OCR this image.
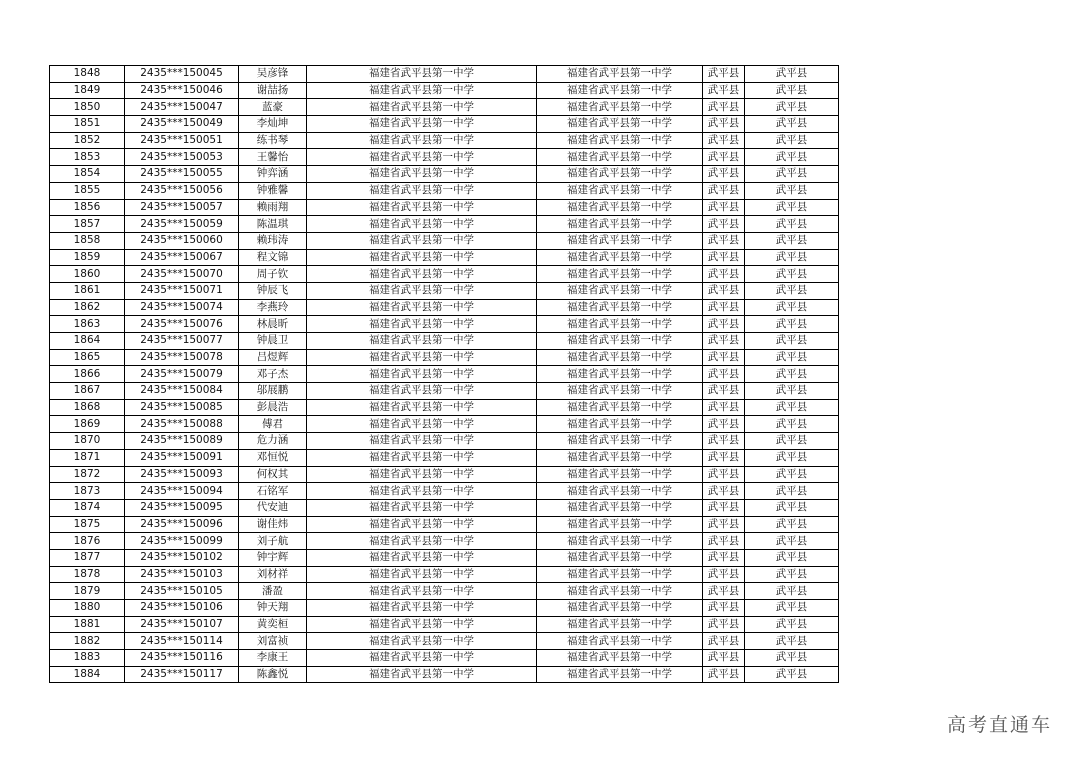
1848	2435***150045	吴彦锋	福建省武平县第一中学	福建省武平县第一中学	武平县	武平县
1849	2435***150046	谢喆扬	福建省武平县第一中学	福建省武平县第一中学	武平县	武平县
1850	2435***150047	蓝豪	福建省武平县第一中学	福建省武平县第一中学	武平县	武平县
1851	2435***150049	李灿坤	福建省武平县第一中学	福建省武平县第一中学	武平县	武平县
1852	2435***150051	练书琴	福建省武平县第一中学	福建省武平县第一中学	武平县	武平县
1853	2435***150053	王馨怡	福建省武平县第一中学	福建省武平县第一中学	武平县	武平县
1854	2435***150055	钟弈涵	福建省武平县第一中学	福建省武平县第一中学	武平县	武平县
1855	2435***150056	钟雅馨	福建省武平县第一中学	福建省武平县第一中学	武平县	武平县
1856	2435***150057	赖雨翔	福建省武平县第一中学	福建省武平县第一中学	武平县	武平县
1857	2435***150059	陈温琪	福建省武平县第一中学	福建省武平县第一中学	武平县	武平县
1858	2435***150060	赖玮涛	福建省武平县第一中学	福建省武平县第一中学	武平县	武平县
1859	2435***150067	程文锦	福建省武平县第一中学	福建省武平县第一中学	武平县	武平县
1860	2435***150070	周子钦	福建省武平县第一中学	福建省武平县第一中学	武平县	武平县
1861	2435***150071	钟辰飞	福建省武平县第一中学	福建省武平县第一中学	武平县	武平县
1862	2435***150074	李燕玲	福建省武平县第一中学	福建省武平县第一中学	武平县	武平县
1863	2435***150076	林晨昕	福建省武平县第一中学	福建省武平县第一中学	武平县	武平县
1864	2435***150077	钟晨卫	福建省武平县第一中学	福建省武平县第一中学	武平县	武平县
1865	2435***150078	吕煜辉	福建省武平县第一中学	福建省武平县第一中学	武平县	武平县
1866	2435***150079	邓子杰	福建省武平县第一中学	福建省武平县第一中学	武平县	武平县
1867	2435***150084	邬展鹏	福建省武平县第一中学	福建省武平县第一中学	武平县	武平县
1868	2435***150085	彭晨浩	福建省武平县第一中学	福建省武平县第一中学	武平县	武平县
1869	2435***150088	傅君	福建省武平县第一中学	福建省武平县第一中学	武平县	武平县
1870	2435***150089	危力涵	福建省武平县第一中学	福建省武平县第一中学	武平县	武平县
1871	2435***150091	邓恒悦	福建省武平县第一中学	福建省武平县第一中学	武平县	武平县
1872	2435***150093	何权其	福建省武平县第一中学	福建省武平县第一中学	武平县	武平县
1873	2435***150094	石铭军	福建省武平县第一中学	福建省武平县第一中学	武平县	武平县
1874	2435***150095	代安迪	福建省武平县第一中学	福建省武平县第一中学	武平县	武平县
1875	2435***150096	谢佳炜	福建省武平县第一中学	福建省武平县第一中学	武平县	武平县
1876	2435***150099	刘子航	福建省武平县第一中学	福建省武平县第一中学	武平县	武平县
1877	2435***150102	钟宇辉	福建省武平县第一中学	福建省武平县第一中学	武平县	武平县
1878	2435***150103	刘材祥	福建省武平县第一中学	福建省武平县第一中学	武平县	武平县
1879	2435***150105	潘盈	福建省武平县第一中学	福建省武平县第一中学	武平县	武平县
1880	2435***150106	钟天翔	福建省武平县第一中学	福建省武平县第一中学	武平县	武平县
1881	2435***150107	黄奕桓	福建省武平县第一中学	福建省武平县第一中学	武平县	武平县
1882	2435***150114	刘富祯	福建省武平县第一中学	福建省武平县第一中学	武平县	武平县
1883	2435***150116	李康王	福建省武平县第一中学	福建省武平县第一中学	武平县	武平县
1884	2435***150117	陈鑫悦	福建省武平县第一中学	福建省武平县第一中学	武平县	武平县
高考直通车
